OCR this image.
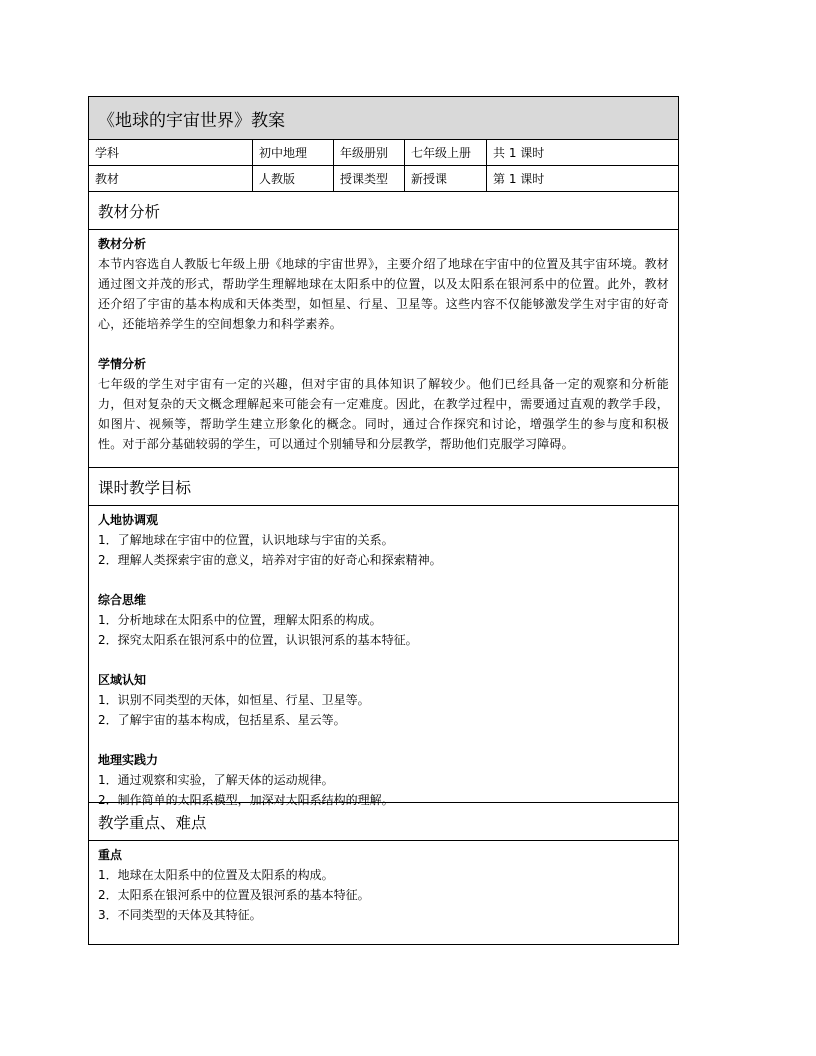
《地球的宇宙世界》教案
学科	初中地理	年级册别	七年级上册	共 1 课时
教材	人教版	授课类型	新授课	第 1 课时
教材分析
教材分析
本节内容选自人教版七年级上册《地球的宇宙世界》，主要介绍了地球在宇宙中的位置及其宇宙环境。教材通过图文并茂的形式，帮助学生理解地球在太阳系中的位置，以及太阳系在银河系中的位置。此外，教材还介绍了宇宙的基本构成和天体类型，如恒星、行星、卫星等。这些内容不仅能够激发学生对宇宙的好奇心，还能培养学生的空间想象力和科学素养。
学情分析
七年级的学生对宇宙有一定的兴趣，但对宇宙的具体知识了解较少。他们已经具备一定的观察和分析能力，但对复杂的天文概念理解起来可能会有一定难度。因此，在教学过程中，需要通过直观的教学手段，如图片、视频等，帮助学生建立形象化的概念。同时，通过合作探究和讨论，增强学生的参与度和积极性。对于部分基础较弱的学生，可以通过个别辅导和分层教学，帮助他们克服学习障碍。
课时教学目标
人地协调观
1．了解地球在宇宙中的位置，认识地球与宇宙的关系。
2．理解人类探索宇宙的意义，培养对宇宙的好奇心和探索精神。
综合思维
1．分析地球在太阳系中的位置，理解太阳系的构成。
2．探究太阳系在银河系中的位置，认识银河系的基本特征。
区域认知
1．识别不同类型的天体，如恒星、行星、卫星等。
2．了解宇宙的基本构成，包括星系、星云等。
地理实践力
1．通过观察和实验，了解天体的运动规律。
2．制作简单的太阳系模型，加深对太阳系结构的理解。
教学重点、难点
重点
1．地球在太阳系中的位置及太阳系的构成。
2．太阳系在银河系中的位置及银河系的基本特征。
3．不同类型的天体及其特征。
